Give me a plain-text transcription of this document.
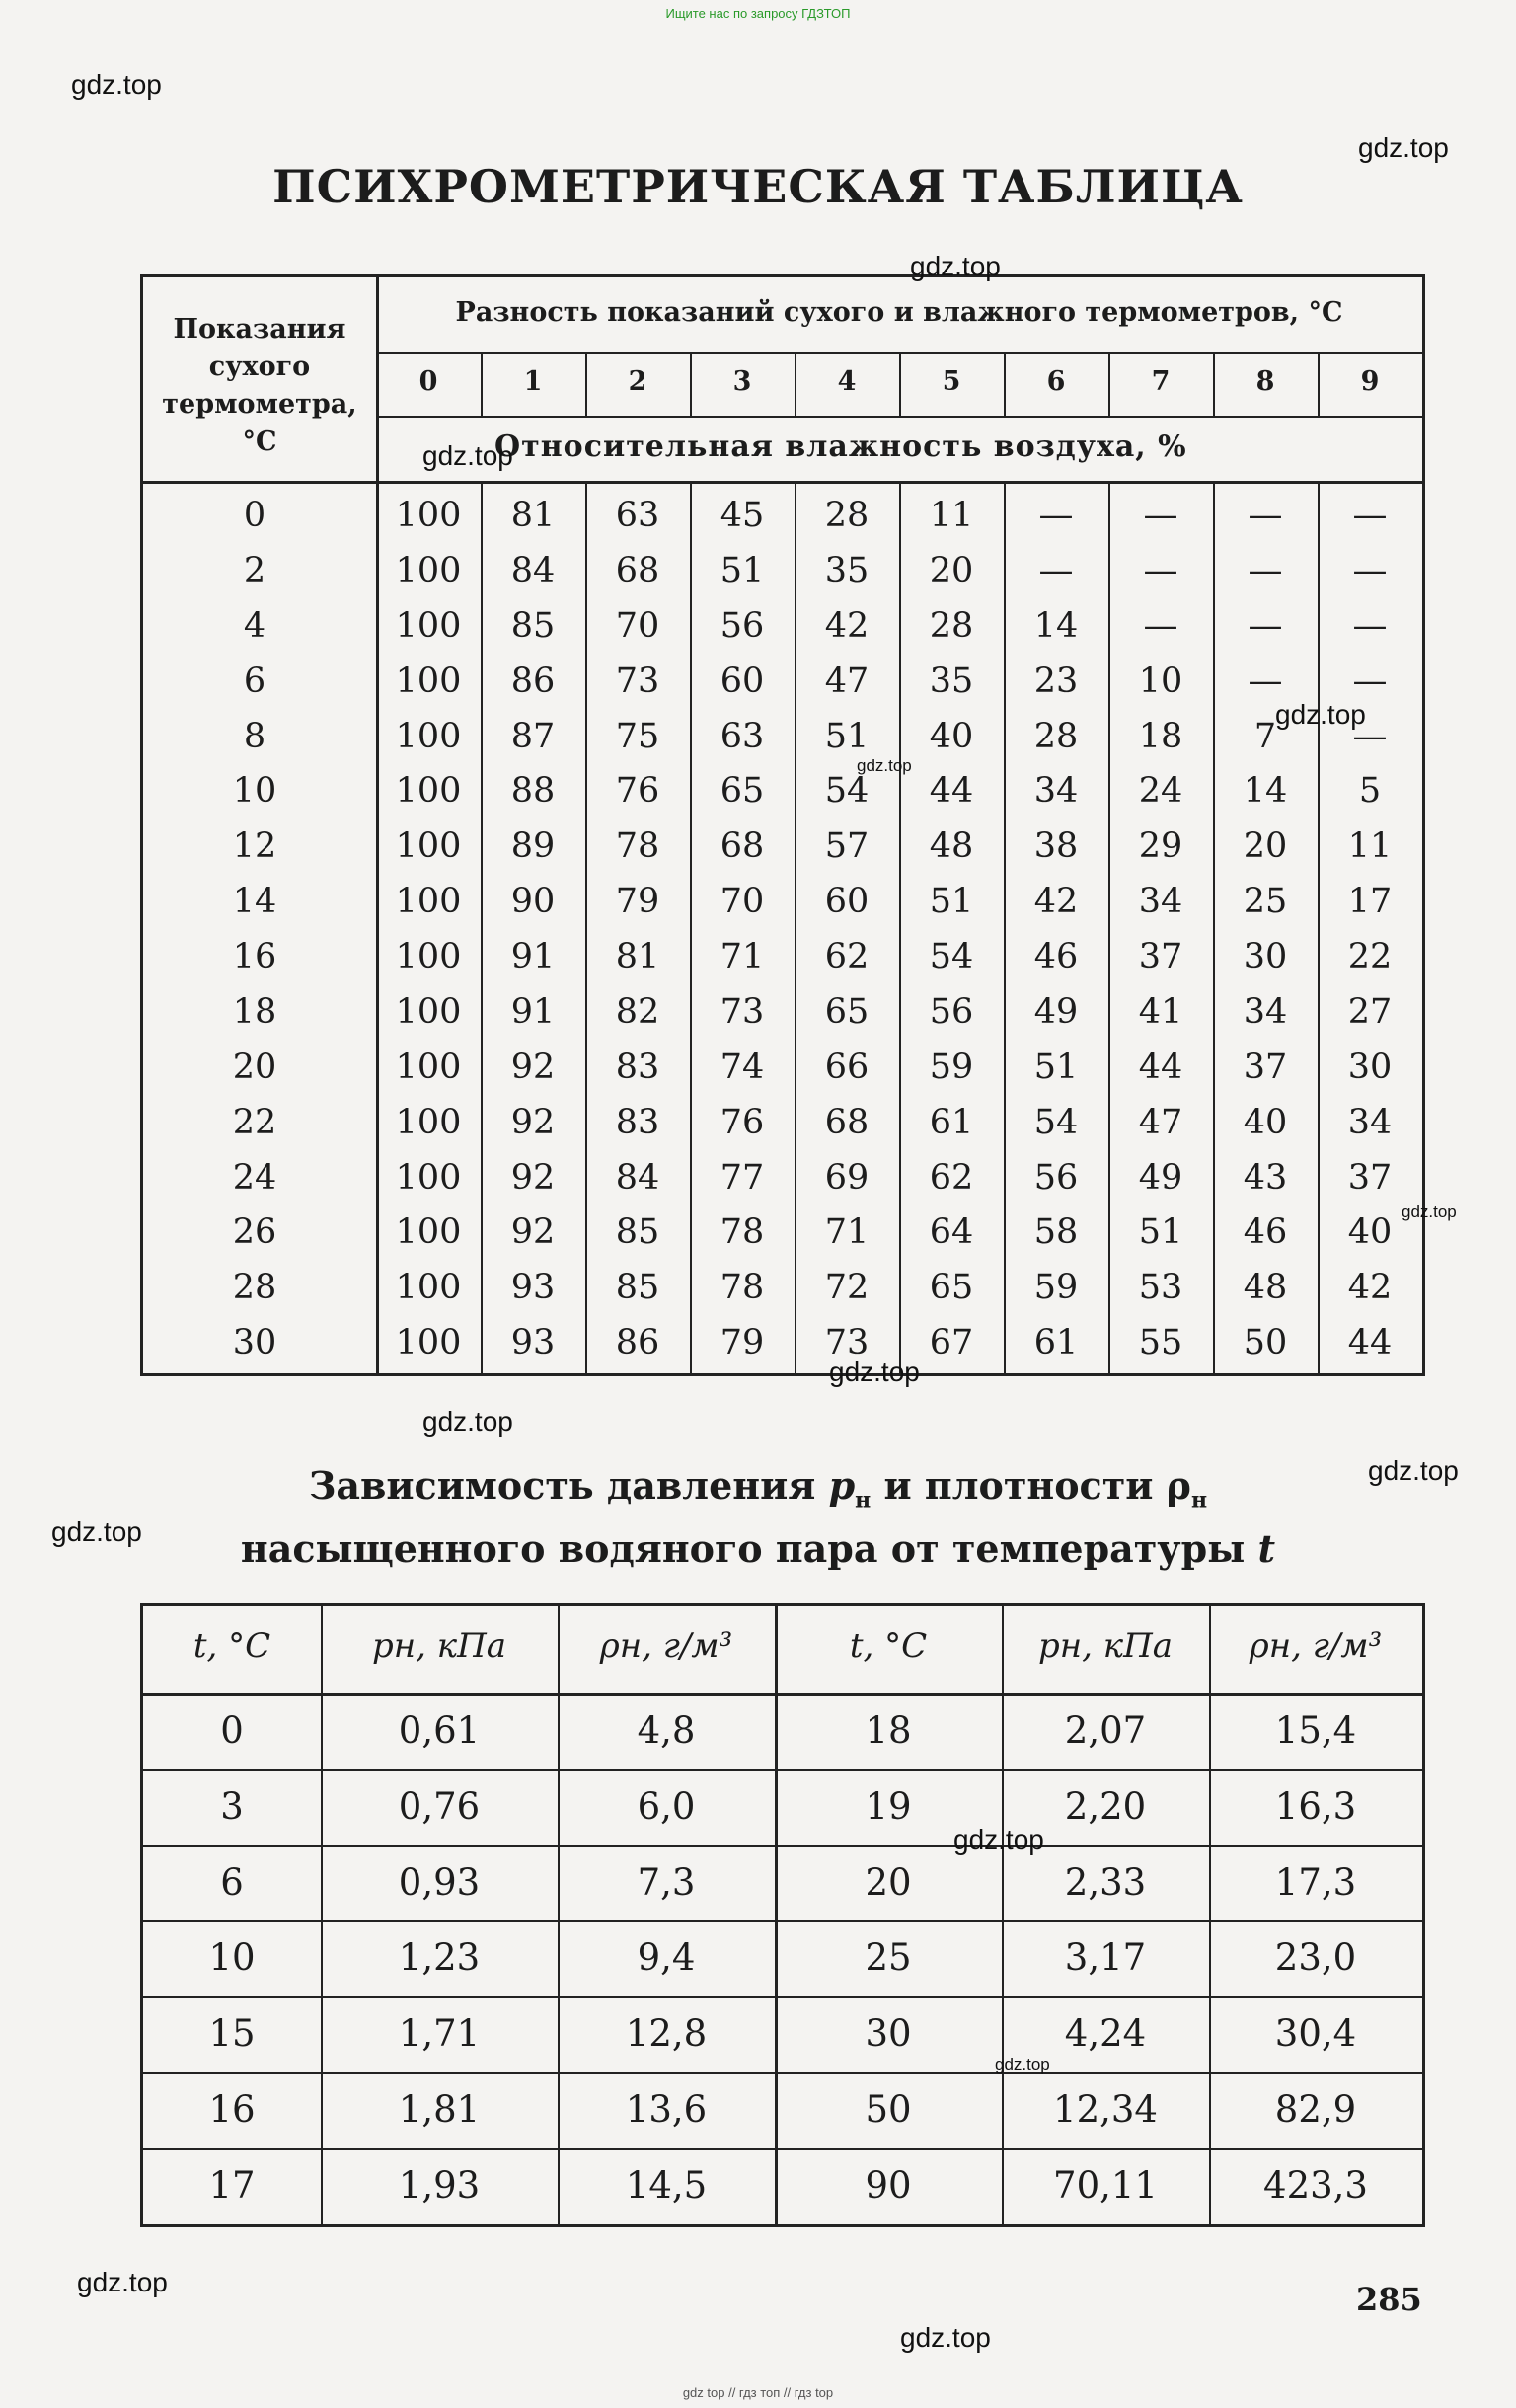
Ищите нас по запросу ГДЗТОП
ПСИХРОМЕТРИЧЕСКАЯ ТАБЛИЦА
Показания
сухого
термометра,
°С
Разность показаний сухого и влажного термометров, °С
0	1	2	3	4	5	6	7	8	9
Относительная влажность воздуха, %
0	100	81	63	45	28	11	—	—	—	—
2	100	84	68	51	35	20	—	—	—	—
4	100	85	70	56	42	28	14	—	—	—
6	100	86	73	60	47	35	23	10	—	—
8	100	87	75	63	51	40	28	18	7	—
10	100	88	76	65	54	44	34	24	14	5
12	100	89	78	68	57	48	38	29	20	11
14	100	90	79	70	60	51	42	34	25	17
16	100	91	81	71	62	54	46	37	30	22
18	100	91	82	73	65	56	49	41	34	27
20	100	92	83	74	66	59	51	44	37	30
22	100	92	83	76	68	61	54	47	40	34
24	100	92	84	77	69	62	56	49	43	37
26	100	92	85	78	71	64	58	51	46	40
28	100	93	85	78	72	65	59	53	48	42
30	100	93	86	79	73	67	61	55	50	44
Зависимость давления $p_н$ и плотности $\rho_н$
насыщенного водяного пара от температуры t
t, °С	pн, кПа	ρн, г/м³	t, °С	pн, кПа	ρн, г/м³
0	0,61	4,8	18	2,07	15,4
3	0,76	6,0	19	2,20	16,3
6	0,93	7,3	20	2,33	17,3
10	1,23	9,4	25	3,17	23,0
15	1,71	12,8	30	4,24	30,4
16	1,81	13,6	50	12,34	82,9
17	1,93	14,5	90	70,11	423,3
285
gdz.top
gdz.top
gdz.top
gdz.top
gdz.top
gdz.top
gdz.top
gdz.top
gdz.top
gdz.top
gdz.top
gdz.top
gdz.top
gdz.top
gdz.top
gdz top // гдз топ // гдз top
